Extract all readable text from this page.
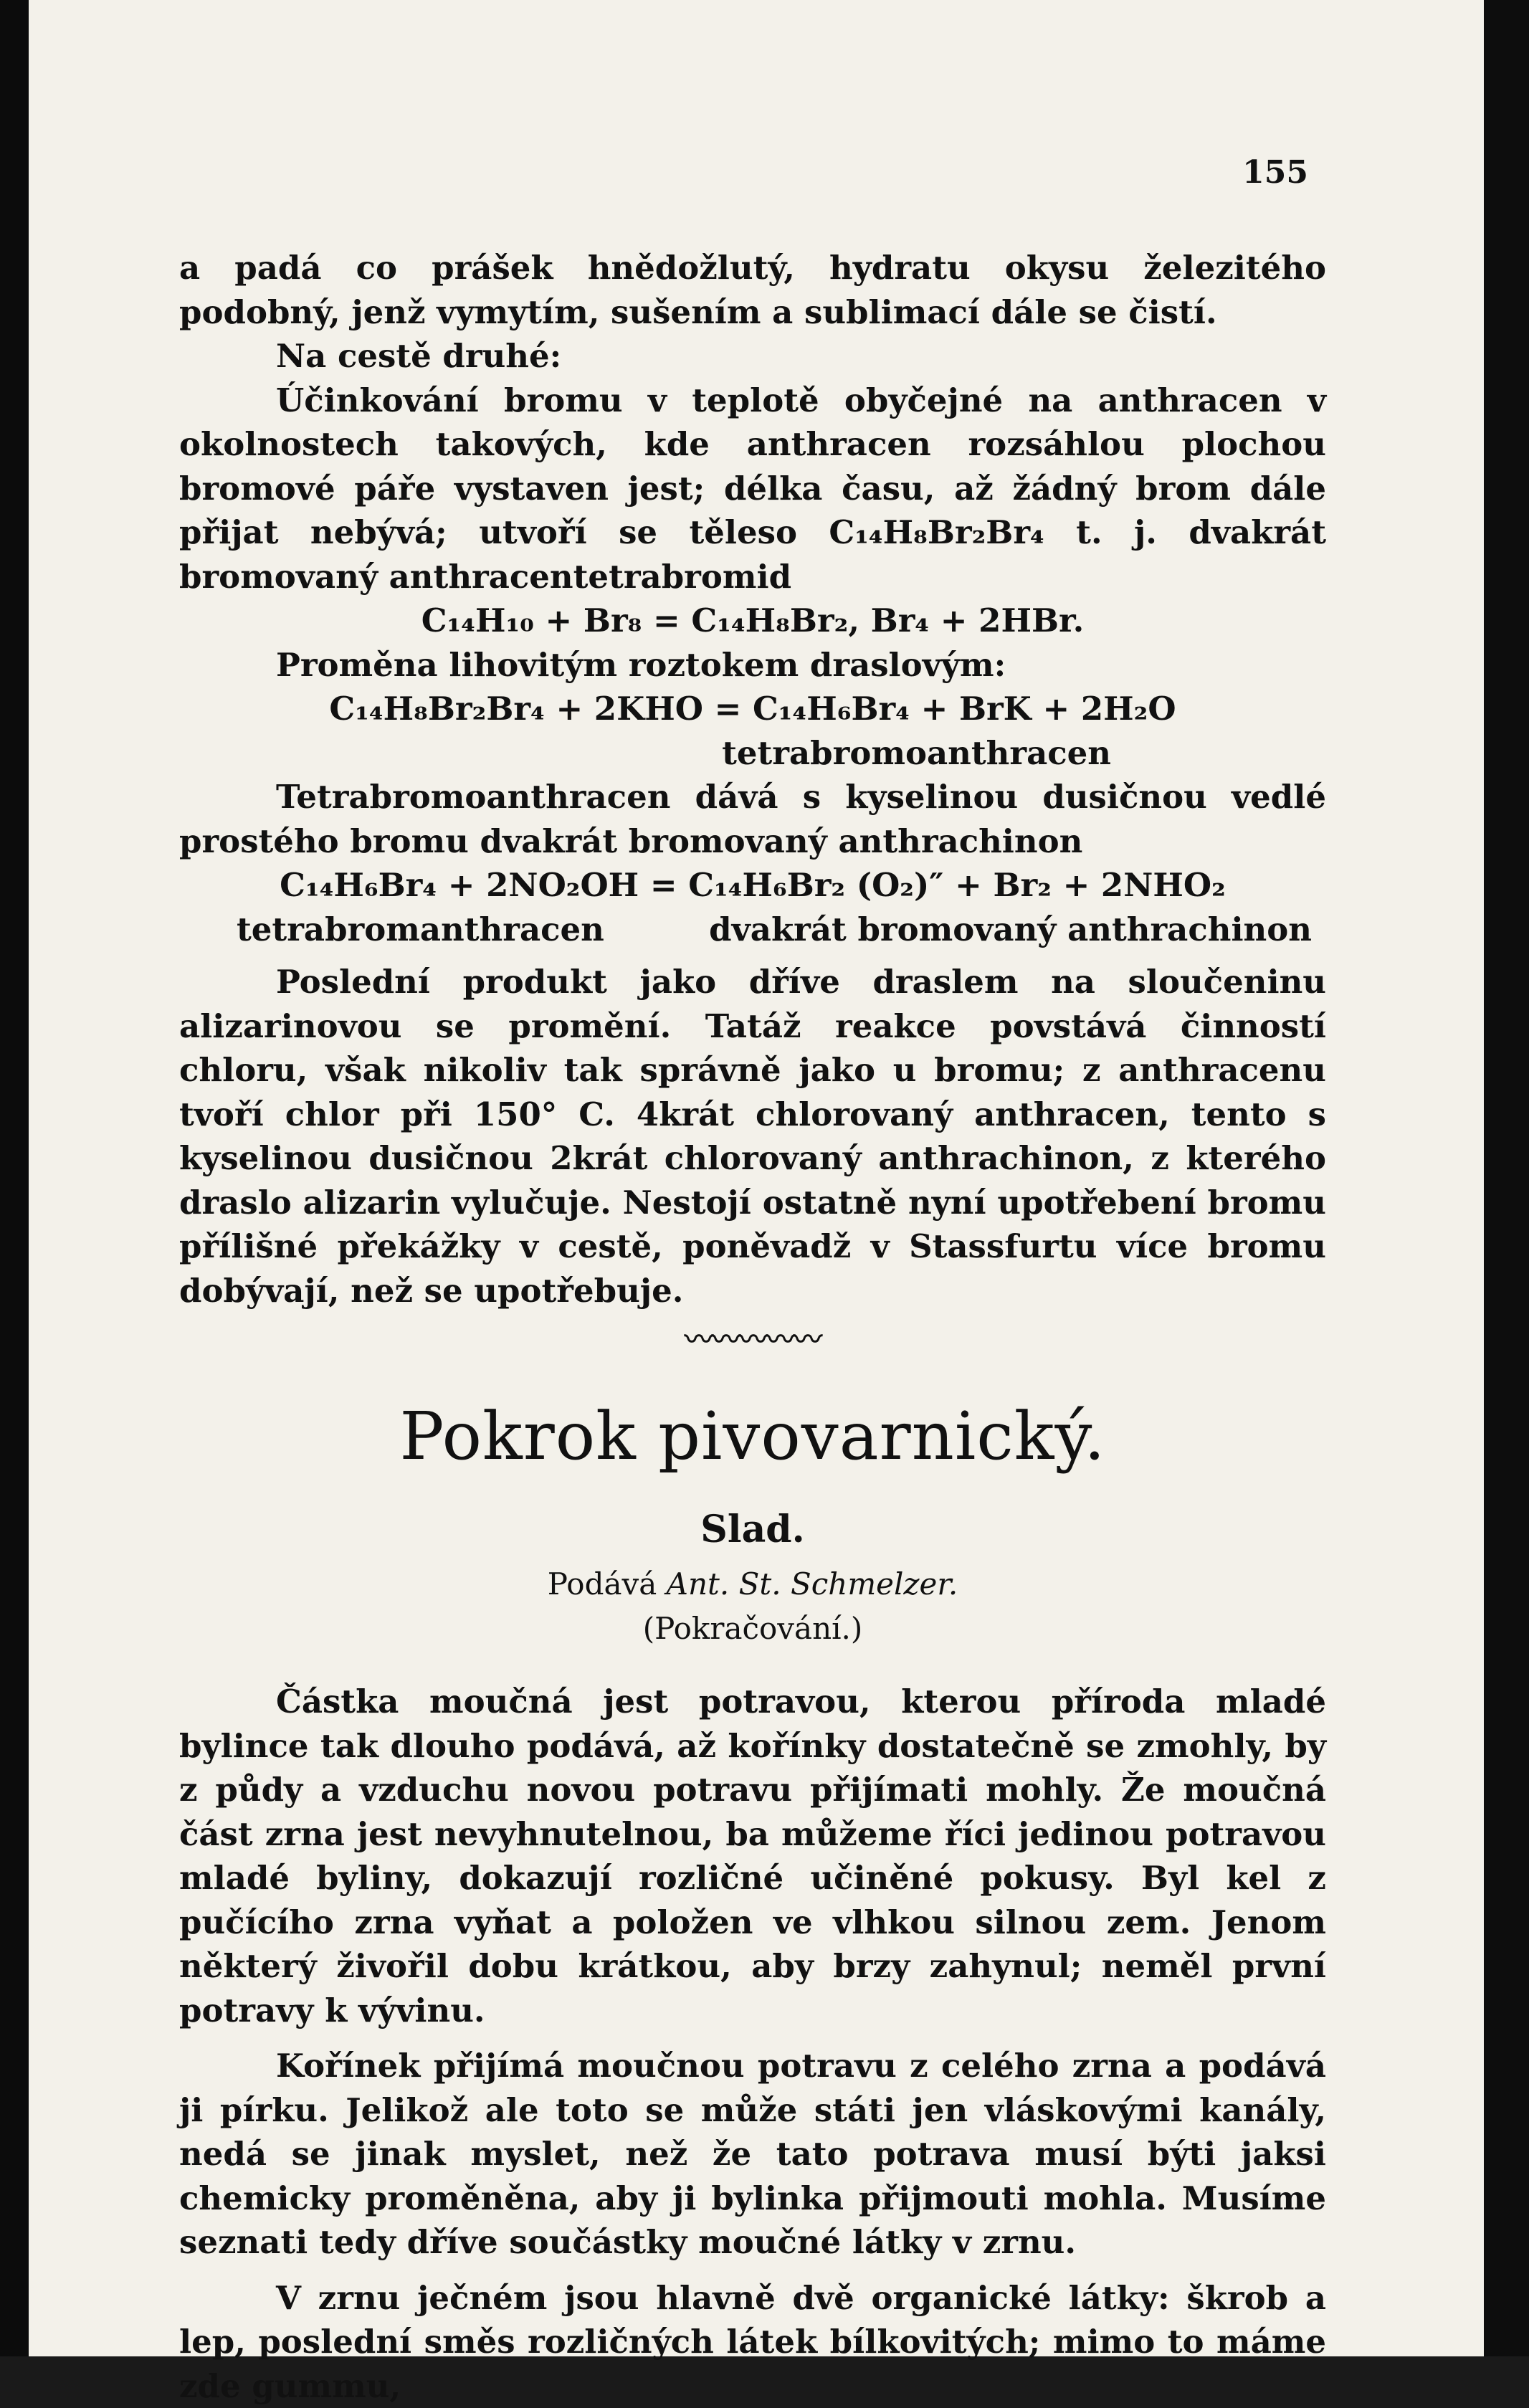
155

a padá co prášek hnědožlutý, hydratu okysu železitého podobný, jenž vymytím, sušením a sublimací dále se čistí.

Na cestě druhé:

Účinkování bromu v teplotě obyčejné na anthracen v okolnostech takových, kde anthracen rozsáhlou plochou bromové páře vystaven jest; délka času, až žádný brom dále přijat nebývá; utvoří se těleso C₁₄H₈Br₂Br₄ t. j. dvakrát bromovaný anthracentetrabromid

C₁₄H₁₀ + Br₈ = C₁₄H₈Br₂, Br₄ + 2HBr.

Proměna lihovitým roztokem draslovým:

C₁₄H₈Br₂Br₄ + 2KHO = C₁₄H₆Br₄ + BrK + 2H₂O

tetrabromoanthracen

Tetrabromoanthracen dává s kyselinou dusičnou vedlé prostého bromu dvakrát bromovaný anthrachinon

C₁₄H₆Br₄ + 2NO₂OH = C₁₄H₆Br₂ (O₂)″ + Br₂ + 2NHO₂

tetrabromanthracen	dvakrát bromovaný anthrachinon

Poslední produkt jako dříve draslem na sloučeninu alizarinovou se promění. Tatáž reakce povstává činností chloru, však nikoliv tak správně jako u bromu; z anthracenu tvoří chlor při 150° C. 4krát chlorovaný anthracen, tento s kyselinou dusičnou 2krát chlorovaný anthrachinon, z kterého draslo alizarin vylučuje. Nestojí ostatně nyní upotřebení bromu přílišné překážky v cestě, poněvadž v Stassfurtu více bromu dobývají, než se upotřebuje.

〰〰〰〰〰
Pokrok pivovarnický.
Slad.
Podává Ant. St. Schmelzer.
(Pokračování.)

Částka moučná jest potravou, kterou příroda mladé bylince tak dlouho podává, až kořínky dostatečně se zmohly, by z půdy a vzduchu novou potravu přijímati mohly. Že moučná část zrna jest nevyhnutelnou, ba můžeme říci jedinou potravou mladé byliny, dokazují rozličné učiněné pokusy. Byl kel z pučícího zrna vyňat a položen ve vlhkou silnou zem. Jenom některý živořil dobu krátkou, aby brzy zahynul; neměl první potravy k vývinu.

Kořínek přijímá moučnou potravu z celého zrna a podává ji pírku. Jelikož ale toto se může státi jen vláskovými kanály, nedá se jinak myslet, než že tato potrava musí býti jaksi chemicky proměněna, aby ji bylinka přijmouti mohla. Musíme seznati tedy dříve součástky moučné látky v zrnu.

V zrnu ječném jsou hlavně dvě organické látky: škrob a lep, poslední směs rozličných látek bílkovitých; mimo to máme zde gummu,
